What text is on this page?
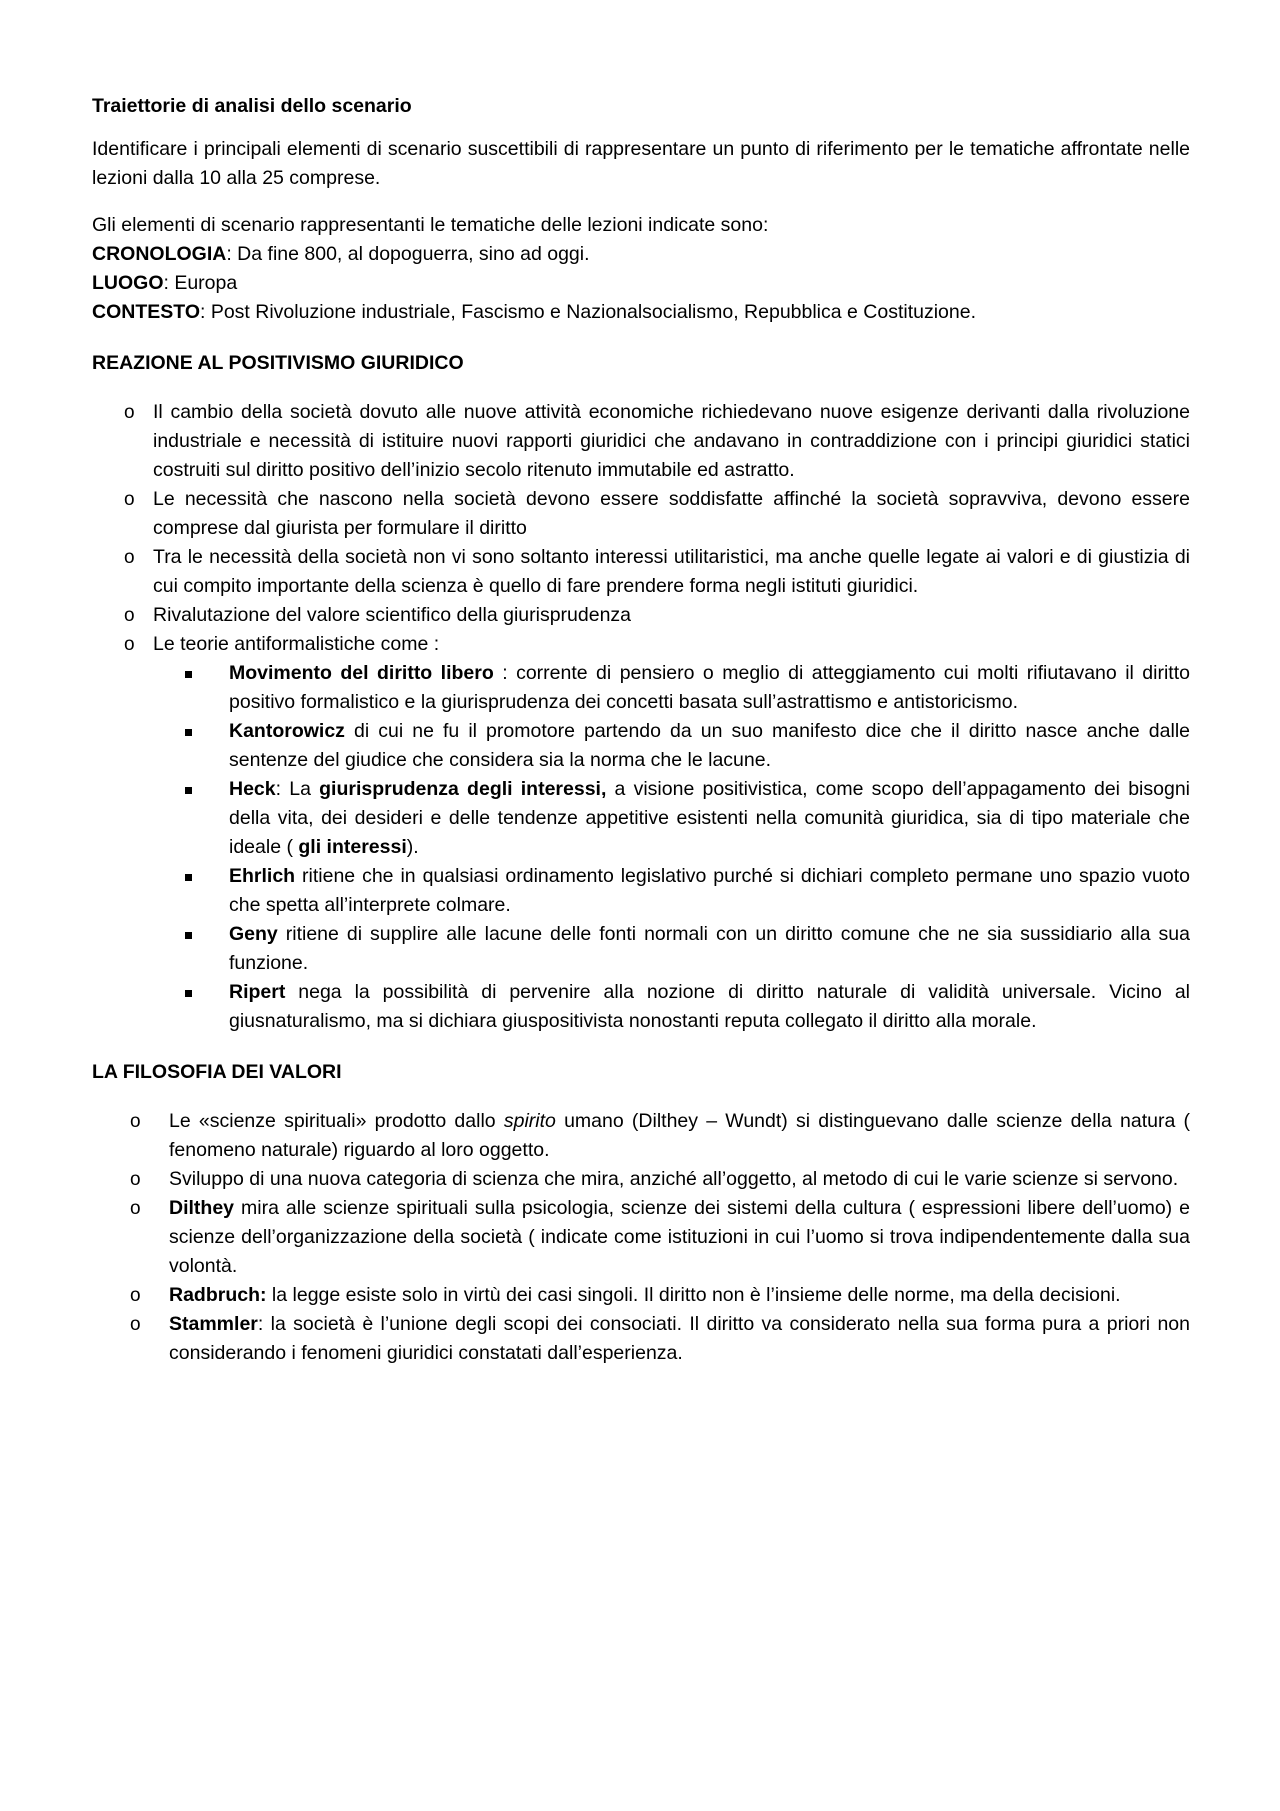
Traiettorie di analisi dello scenario

Identificare i principali elementi di scenario suscettibili di rappresentare un punto di riferimento per le tematiche affrontate nelle lezioni dalla 10 alla 25 comprese.

Gli elementi di scenario rappresentanti le tematiche delle lezioni indicate sono:
CRONOLOGIA: Da fine 800, al dopoguerra, sino ad oggi.
LUOGO: Europa
CONTESTO: Post Rivoluzione industriale, Fascismo e Nazionalsocialismo, Repubblica e Costituzione.
REAZIONE AL POSITIVISMO GIURIDICO
o Il cambio della società dovuto alle nuove attività economiche richiedevano nuove esigenze derivanti dalla rivoluzione industriale e necessità di istituire nuovi rapporti giuridici che andavano in contraddizione con i principi giuridici statici costruiti sul diritto positivo dell’inizio secolo ritenuto immutabile ed astratto.
o Le necessità che nascono nella società devono essere soddisfatte affinché la società sopravviva, devono essere comprese dal giurista per formulare il diritto
o Tra le necessità della società non vi sono soltanto interessi utilitaristici, ma anche quelle legate ai valori e di giustizia di cui compito importante della scienza è quello di fare prendere forma negli istituti giuridici.
o Rivalutazione del valore scientifico della giurisprudenza
o Le teorie antiformalistiche come :
Movimento del diritto libero : corrente di pensiero o meglio di atteggiamento cui molti rifiutavano il diritto positivo formalistico e la giurisprudenza dei concetti basata sull’astrattismo e antistoricismo.
Kantorowicz di cui ne fu il promotore partendo da un suo manifesto dice che il diritto nasce anche dalle sentenze del giudice che considera sia la norma che le lacune.
Heck: La giurisprudenza degli interessi, a visione positivistica, come scopo dell’appagamento dei bisogni della vita, dei desideri e delle tendenze appetitive esistenti nella comunità giuridica, sia di tipo materiale che ideale ( gli interessi).
Ehrlich ritiene che in qualsiasi ordinamento legislativo purché si dichiari completo permane uno spazio vuoto che spetta all’interprete colmare.
Geny ritiene di supplire alle lacune delle fonti normali con un diritto comune che ne sia sussidiario alla sua funzione.
Ripert nega la possibilità di pervenire alla nozione di diritto naturale di validità universale. Vicino al giusnaturalismo, ma si dichiara giuspositivista nonostanti reputa collegato il diritto alla morale.
LA FILOSOFIA DEI VALORI
o Le «scienze spirituali» prodotto dallo spirito umano (Dilthey – Wundt) si distinguevano dalle scienze della natura ( fenomeno naturale) riguardo al loro oggetto.
o Sviluppo di una nuova categoria di scienza che mira, anziché all’oggetto, al metodo di cui le varie scienze si servono.
o Dilthey mira alle scienze spirituali sulla psicologia, scienze dei sistemi della cultura ( espressioni libere dell’uomo) e scienze dell’organizzazione della società ( indicate come istituzioni in cui l’uomo si trova indipendentemente dalla sua volontà.
o Radbruch: la legge esiste solo in virtù dei casi singoli. Il diritto non è l’insieme delle norme, ma della decisioni.
o Stammler: la società è l’unione degli scopi dei consociati. Il diritto va considerato nella sua forma pura a priori non considerando i fenomeni giuridici constatati dall’esperienza.
